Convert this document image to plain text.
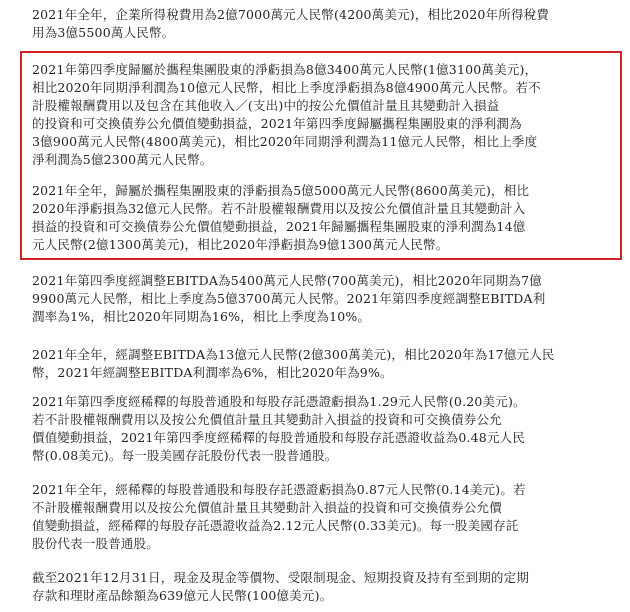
2021年全年，企業所得稅費用為2億7000萬元人民幣(4200萬美元)，相比2020年所得稅費
用為3億5500萬人民幣。
2021年第四季度歸屬於攜程集團股東的淨虧損為8億3400萬元人民幣(1億3100萬美元)，
相比2020年同期淨利潤為10億元人民幣，相比上季度淨虧損為8億4900萬元人民幣。若不
計股權報酬費用以及包含在其他收入／(支出)中的按公允價值計量且其變動計入損益
的投資和可交換債券公允價值變動損益，2021年第四季度歸屬攜程集團股東的淨利潤為
3億900萬元人民幣(4800萬美元)，相比2020年同期淨利潤為11億元人民幣，相比上季度
淨利潤為5億2300萬元人民幣。
2021年全年，歸屬於攜程集團股東的淨虧損為5億5000萬元人民幣(8600萬美元)，相比
2020年淨虧損為32億元人民幣。若不計股權報酬費用以及按公允價值計量且其變動計入
損益的投資和可交換債券公允價值變動損益，2021年歸屬攜程集團股東的淨利潤為14億
元人民幣(2億1300萬美元)，相比2020年淨虧損為9億1300萬元人民幣。
2021年第四季度經調整EBITDA為5400萬元人民幣(700萬美元)，相比2020年同期為7億
9900萬元人民幣，相比上季度為5億3700萬元人民幣。2021年第四季度經調整EBITDA利
潤率為1%，相比2020年同期為16%，相比上季度為10%。
2021年全年，經調整EBITDA為13億元人民幣(2億300萬美元)，相比2020年為17億元人民
幣，2021年經調整EBITDA利潤率為6%，相比2020年為9%。
2021年第四季度經稀釋的每股普通股和每股存託憑證虧損為1.29元人民幣(0.20美元)。
若不計股權報酬費用以及按公允價值計量且其變動計入損益的投資和可交換債券公允
價值變動損益，2021年第四季度經稀釋的每股普通股和每股存託憑證收益為0.48元人民
幣(0.08美元)。每一股美國存託股份代表一股普通股。
2021年全年，經稀釋的每股普通股和每股存託憑證虧損為0.87元人民幣(0.14美元)。若
不計股權報酬費用以及按公允價值計量且其變動計入損益的投資和可交換債券公允價
值變動損益，經稀釋的每股存託憑證收益為2.12元人民幣(0.33美元)。每一股美國存託
股份代表一股普通股。
截至2021年12月31日，現金及現金等價物、受限制現金、短期投資及持有至到期的定期
存款和理財產品餘額為639億元人民幣(100億美元)。
